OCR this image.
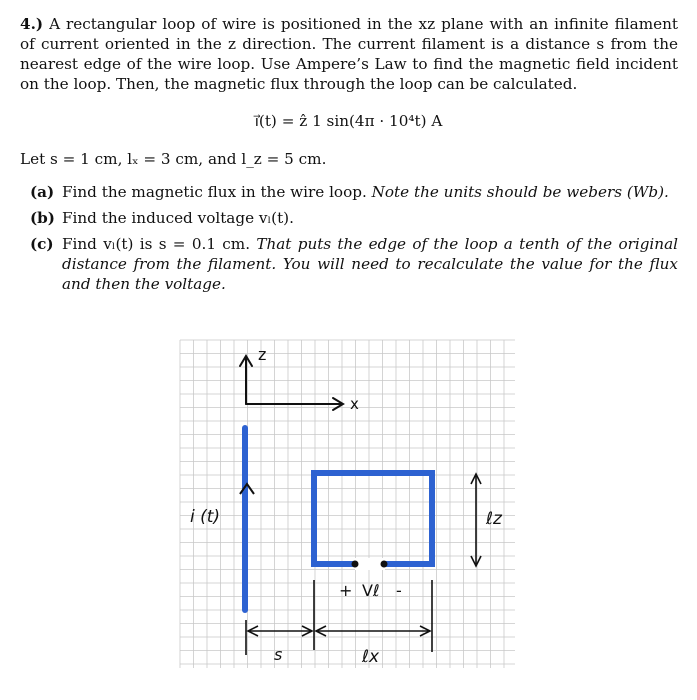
4.) A rectangular loop of wire is positioned in the xz plane with an infinite filament of current oriented in the z direction. The current filament is a distance s from the nearest edge of the wire loop. Use Ampere’s Law to find the magnetic field incident on the loop. Then, the magnetic flux through the loop can be calculated.

i⃗(t) = ẑ 1 sin(4π · 10⁴t) A
Let s = 1 cm, lₓ = 3 cm, and l_z = 5 cm.
(a) Find the magnetic flux in the wire loop. Note the units should be webers (Wb).
(b) Find the induced voltage vₗ(t).
(c) Find vₗ(t) is s = 0.1 cm. That puts the edge of the loop a tenth of the original distance from the filament. You will need to recalculate the value for the flux and then the voltage.
z
x
i (t)
+ Vℓ -
ℓz
s	ℓx
